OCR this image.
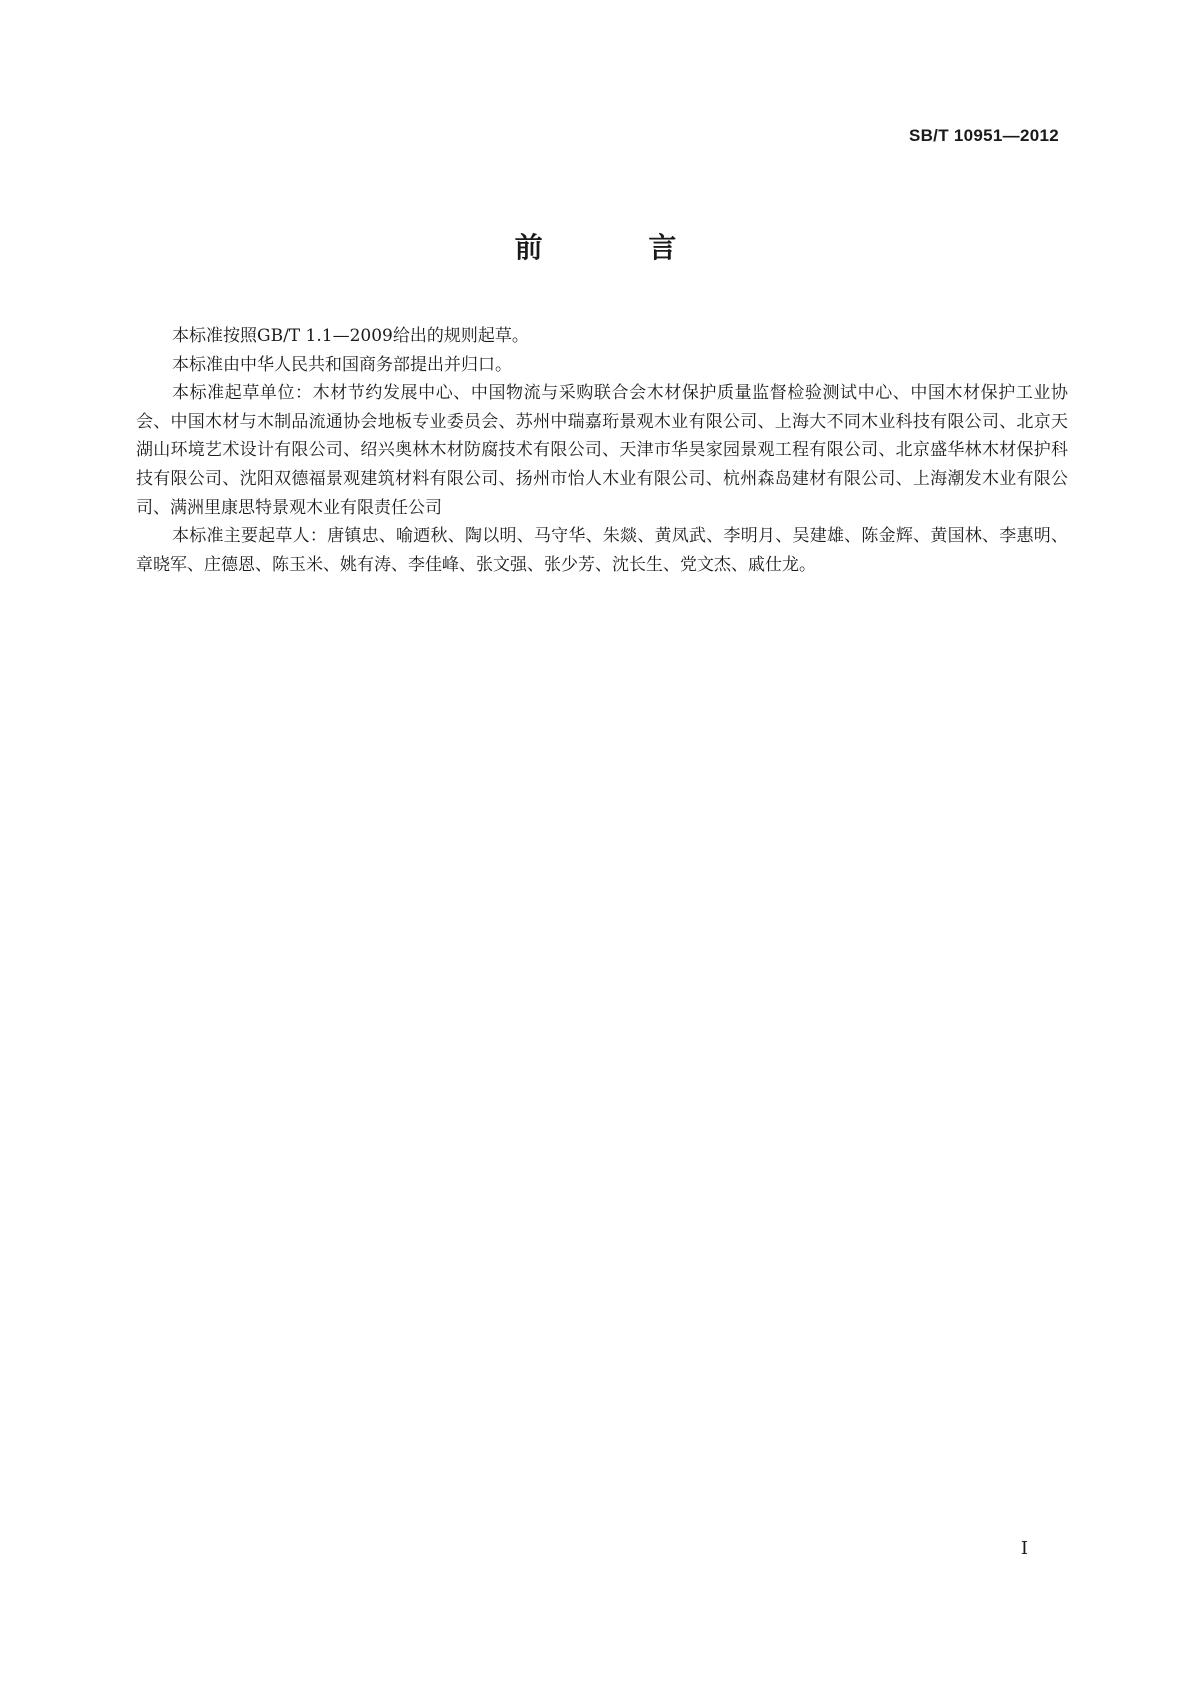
SB/T 10951—2012
前 言

本标准按照GB/T 1.1—2009给出的规则起草。

本标准由中华人民共和国商务部提出并归口。

本标准起草单位：木材节约发展中心、中国物流与采购联合会木材保护质量监督检验测试中心、中国木材保护工业协会、中国木材与木制品流通协会地板专业委员会、苏州中瑞嘉珩景观木业有限公司、上海大不同木业科技有限公司、北京天湖山环境艺术设计有限公司、绍兴奥林木材防腐技术有限公司、天津市华昊家园景观工程有限公司、北京盛华林木材保护科技有限公司、沈阳双德福景观建筑材料有限公司、扬州市怡人木业有限公司、杭州森岛建材有限公司、上海潮发木业有限公司、满洲里康思特景观木业有限责任公司

本标准主要起草人：唐镇忠、喻迺秋、陶以明、马守华、朱燚、黄凤武、李明月、吴建雄、陈金辉、黄国林、李惠明、章晓军、庄德恩、陈玉米、姚有涛、李佳峰、张文强、张少芳、沈长生、党文杰、戚仕龙。

I
